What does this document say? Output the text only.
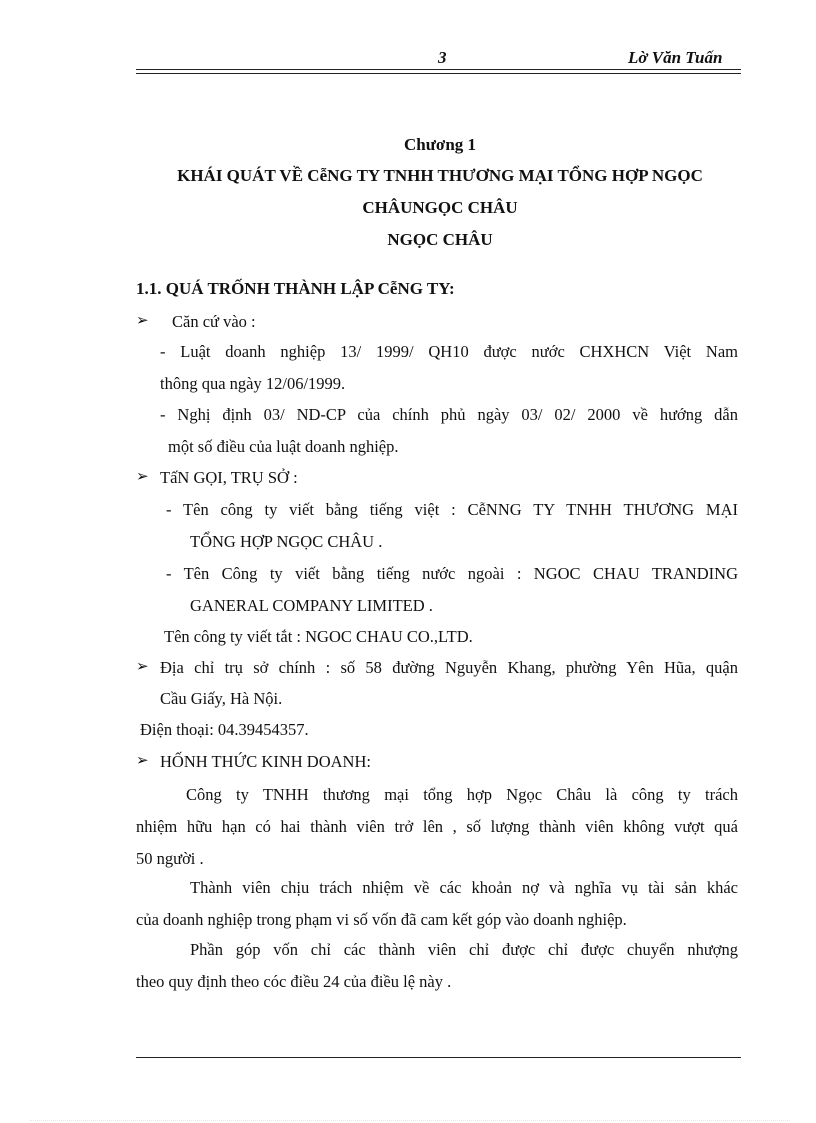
3	Lờ Văn Tuấn
Chương 1
KHÁI QUÁT VỀ CễNG TY TNHH THƯƠNG MẠI TỔNG HỢP NGỌC
CHÂUNGỌC CHÂU
NGỌC CHÂU
1.1. QUÁ TRỐNH THÀNH LẬP CễNG TY:
➢ Căn cứ vào :
- Luật doanh nghiệp 13/ 1999/ QH10 được nước CHXHCN Việt Nam
thông qua ngày 12/06/1999.
- Nghị định 03/ ND-CP của chính phủ ngày 03/ 02/ 2000 về hướng dẫn
một số điều của luật doanh nghiệp.
➢ TấN GỌI, TRỤ SỞ :
- Tên công ty viết bằng tiếng việt : CễNNG TY TNHH THƯƠNG MẠI
TỔNG HỢP NGỌC CHÂU .
- Tên Công ty viết bằng tiếng nước ngoài : NGOC CHAU TRANDING
GANERAL COMPANY LIMITED .
Tên công ty viết tắt : NGOC CHAU CO.,LTD.
➢ Địa chỉ trụ sở chính : số 58 đường Nguyễn Khang, phường Yên Hũa, quận
Cầu Giấy, Hà Nội.
Điện thoại: 04.39454357.
➢ HỐNH THỨC KINH DOANH:
Công ty TNHH thương mại tổng hợp Ngọc Châu là công ty trách
nhiệm hữu hạn có hai thành viên trở lên , số lượng thành viên không vượt quá
50 người .
Thành viên chịu trách nhiệm về các khoản nợ và nghĩa vụ tài sản khác
của doanh nghiệp trong phạm vi số vốn đã cam kết góp vào doanh nghiệp.
Phần góp vốn chỉ các thành viên chỉ được chỉ được chuyển nhượng
theo quy định theo cóc điều 24 của điều lệ này .
